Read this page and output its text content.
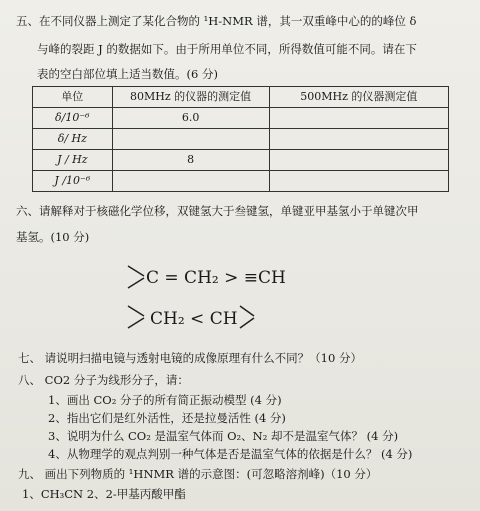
五、在不同仪器上测定了某化合物的 ¹H-NMR 谱，其一双重峰中心的的峰位 δ
与峰的裂距 J 的数据如下。由于所用单位不同，所得数值可能不同。请在下
表的空白部位填上适当数值。(6 分)
单位	80MHz 的仪器的测定值	500MHz 的仪器测定值
δ/10⁻⁶	6.0	
δ/ Hz		
J / Hz	8	
J /10⁻⁶		
六、请解释对于核磁化学位移，双键氢大于叁键氢，单键亚甲基氢小于单键次甲
基氢。(10 分)
C = CH₂ > ≡CH
CH₂ < CH
七、 请说明扫描电镜与透射电镜的成像原理有什么不同？（10 分）
八、 CO2 分子为线形分子，请：
1、画出 CO₂ 分子的所有简正振动模型 (4 分)
2、指出它们是红外活性，还是拉曼活性 (4 分)
3、说明为什么 CO₂ 是温室气体而 O₂、N₂ 却不是温室气体？ (4 分)
4、从物理学的观点判别一种气体是否是温室气体的依据是什么？ (4 分)
九、 画出下列物质的 ¹HNMR 谱的示意图：(可忽略溶剂峰)（10 分）
1、CH₃CN 2、2-甲基丙酸甲酯
